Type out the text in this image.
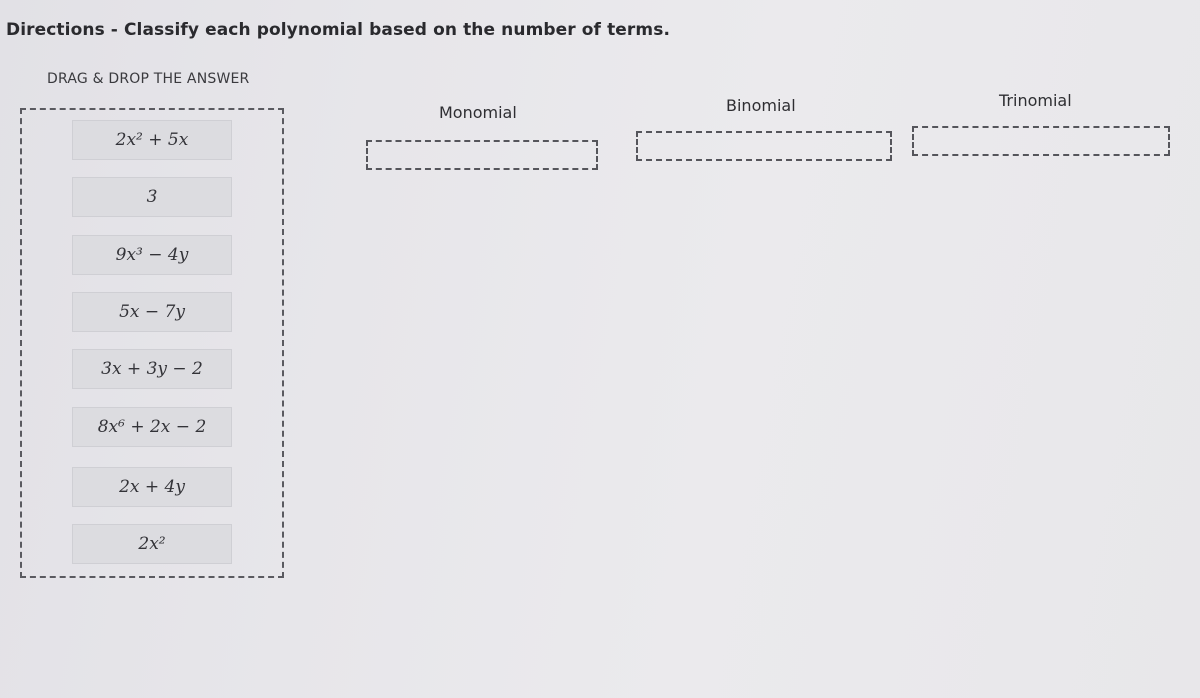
Directions - Classify each polynomial based on the number of terms.
DRAG & DROP THE ANSWER
2x² + 5x
3
9x³ − 4y
5x − 7y
3x + 3y − 2
8x⁶ + 2x − 2
2x + 4y
2x²
Monomial	Binomial	Trinomial
